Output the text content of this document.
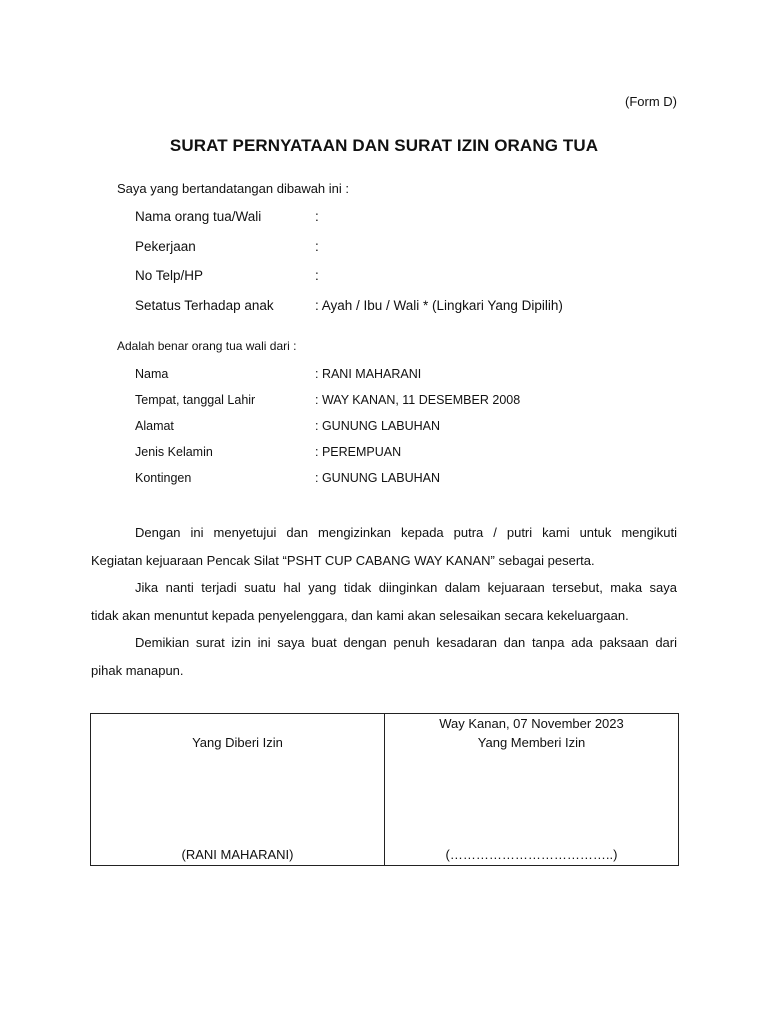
(Form D)
SURAT PERNYATAAN DAN SURAT IZIN ORANG TUA
Saya yang bertandatangan dibawah ini :
Nama orang tua/Wali	:
Pekerjaan	:
No Telp/HP	:
Setatus Terhadap anak	: Ayah / Ibu / Wali * (Lingkari Yang Dipilih)
Adalah benar orang tua wali dari :
Nama	: RANI MAHARANI
Tempat, tanggal Lahir	: WAY KANAN, 11 DESEMBER 2008
Alamat	: GUNUNG LABUHAN
Jenis Kelamin	: PEREMPUAN
Kontingen	: GUNUNG LABUHAN
Dengan ini menyetujui dan mengizinkan kepada putra / putri kami untuk mengikuti
Kegiatan kejuaraan Pencak Silat “PSHT CUP CABANG WAY KANAN” sebagai peserta.
Jika nanti terjadi suatu hal yang tidak diinginkan dalam kejuaraan tersebut, maka saya
tidak akan menuntut kepada penyelenggara, dan kami akan selesaikan secara kekeluargaan.
Demikian surat izin ini saya buat dengan penuh kesadaran dan tanpa ada paksaan dari
pihak manapun.
Yang Diberi Izin
(RANI MAHARANI)

Way Kanan, 07 November 2023
Yang Memberi Izin
(………………………………..)
